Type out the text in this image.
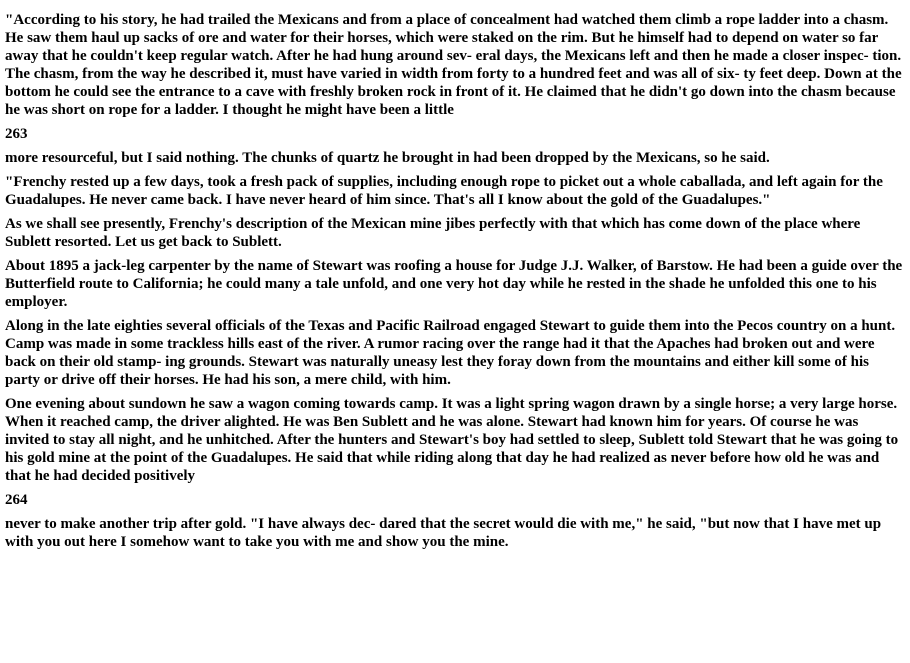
"According to his story, he had trailed the Mexicans and from a place of concealment had watched them climb a rope ladder into a chasm. He saw them haul up sacks of ore and water for their horses, which were staked on the rim. But he himself had to depend on water so far away that he couldn't keep regular watch. After he had hung around sev- eral days, the Mexicans left and then he made a closer inspec- tion. The chasm, from the way he described it, must have varied in width from forty to a hundred feet and was all of six- ty feet deep. Down at the bottom he could see the entrance to a cave with freshly broken rock in front of it. He claimed that he didn't go down into the chasm because he was short on rope for a ladder. I thought he might have been a little

263

more resourceful, but I said nothing. The chunks of quartz he brought in had been dropped by the Mexicans, so he said.

"Frenchy rested up a few days, took a fresh pack of supplies, including enough rope to picket out a whole caballada, and left again for the Guadalupes. He never came back. I have never heard of him since. That's all I know about the gold of the Guadalupes."

As we shall see presently, Frenchy's description of the Mexican mine jibes perfectly with that which has come down of the place where Sublett resorted. Let us get back to Sublett.

About 1895 a jack-leg carpenter by the name of Stewart was roofing a house for Judge J.J. Walker, of Barstow. He had been a guide over the Butterfield route to California; he could many a tale unfold, and one very hot day while he rested in the shade he unfolded this one to his employer.

Along in the late eighties several officials of the Texas and Pacific Railroad engaged Stewart to guide them into the Pecos country on a hunt. Camp was made in some trackless hills east of the river. A rumor racing over the range had it that the Apaches had broken out and were back on their old stamp- ing grounds. Stewart was naturally uneasy lest they foray down from the mountains and either kill some of his party or drive off their horses. He had his son, a mere child, with him.

One evening about sundown he saw a wagon coming towards camp. It was a light spring wagon drawn by a single horse; a very large horse. When it reached camp, the driver alighted. He was Ben Sublett and he was alone. Stewart had known him for years. Of course he was invited to stay all night, and he unhitched. After the hunters and Stewart's boy had settled to sleep, Sublett told Stewart that he was going to his gold mine at the point of the Guadalupes. He said that while riding along that day he had realized as never before how old he was and that he had decided positively

264

never to make another trip after gold. "I have always dec- dared that the secret would die with me," he said, "but now that I have met up with you out here I somehow want to take you with me and show you the mine.
